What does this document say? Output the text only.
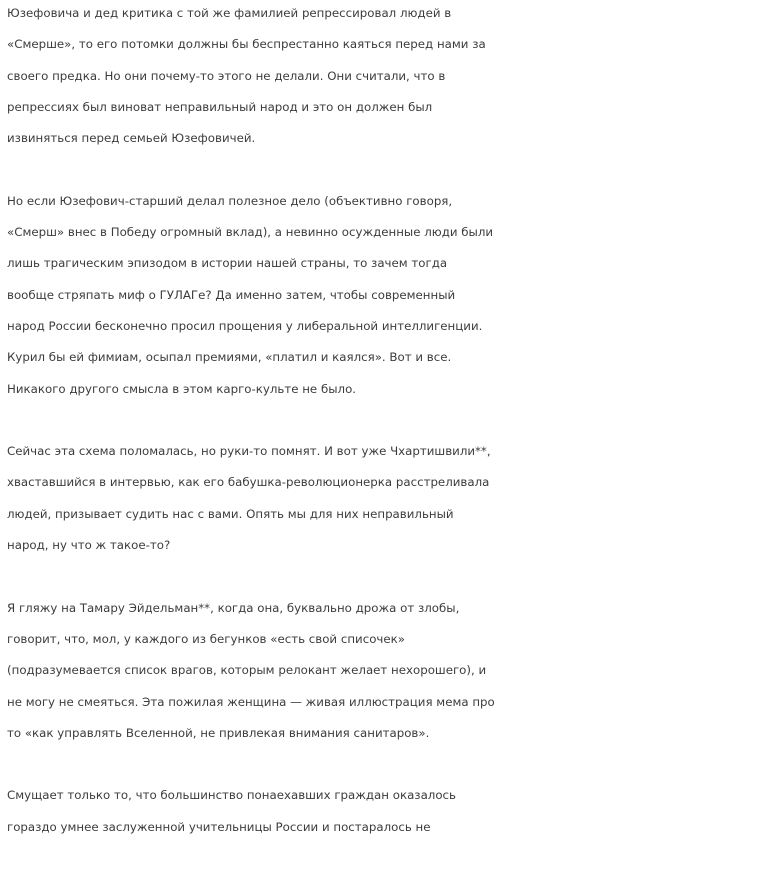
Юзефовича и дед критика с той же фамилией репрессировал людей в
«Смерше», то его потомки должны бы беспрестанно каяться перед нами за
своего предка. Но они почему-то этого не делали. Они считали, что в
репрессиях был виноват неправильный народ и это он должен был
извиняться перед семьей Юзефовичей.

Но если Юзефович-старший делал полезное дело (объективно говоря,
«Смерш» внес в Победу огромный вклад), а невинно осужденные люди были
лишь трагическим эпизодом в истории нашей страны, то зачем тогда
вообще стряпать миф о ГУЛАГе? Да именно затем, чтобы современный
народ России бесконечно просил прощения у либеральной интеллигенции.
Курил бы ей фимиам, осыпал премиями, «платил и каялся». Вот и все.
Никакого другого смысла в этом карго-культе не было.

Сейчас эта схема поломалась, но руки-то помнят. И вот уже Чхартишвили**,
хваставшийся в интервью, как его бабушка-революционерка расстреливала
людей, призывает судить нас с вами. Опять мы для них неправильный
народ, ну что ж такое-то?

Я гляжу на Тамару Эйдельман**, когда она, буквально дрожа от злобы,
говорит, что, мол, у каждого из бегунков «есть свой списочек»
(подразумевается список врагов, которым релокант желает нехорошего), и
не могу не смеяться. Эта пожилая женщина — живая иллюстрация мема про
то «как управлять Вселенной, не привлекая внимания санитаров».

Смущает только то, что большинство понаехавших граждан оказалось
гораздо умнее заслуженной учительницы России и постаралось не
